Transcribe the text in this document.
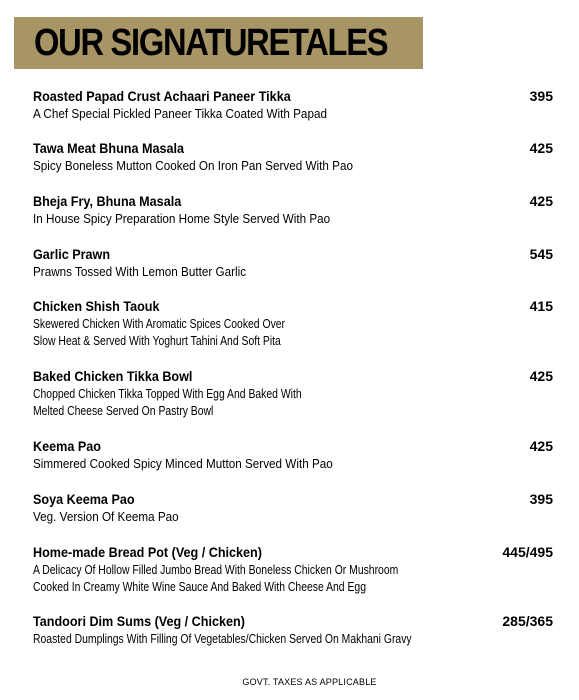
OUR SIGNATURETALES
Roasted Papad Crust Achaari Paneer Tikka
A Chef Special Pickled Paneer Tikka Coated With Papad
395
Tawa Meat Bhuna Masala
Spicy Boneless Mutton Cooked On Iron Pan Served With Pao
425
Bheja Fry, Bhuna Masala
In House Spicy Preparation Home Style Served With Pao
425
Garlic Prawn
Prawns Tossed With Lemon Butter Garlic
545
Chicken Shish Taouk
Skewered Chicken With Aromatic Spices Cooked Over
Slow Heat & Served With Yoghurt Tahini And Soft Pita
415
Baked Chicken Tikka Bowl
Chopped Chicken Tikka Topped With Egg And Baked With
Melted Cheese Served On Pastry Bowl
425
Keema Pao
Simmered Cooked Spicy Minced Mutton Served With Pao
425
Soya Keema Pao
Veg. Version Of Keema Pao
395
Home-made Bread Pot (Veg / Chicken)
A Delicacy Of Hollow Filled Jumbo Bread With Boneless Chicken Or Mushroom
Cooked In Creamy White Wine Sauce And Baked With Cheese And Egg
445/495
Tandoori Dim Sums (Veg / Chicken)
Roasted Dumplings With Filling Of Vegetables/Chicken Served On Makhani Gravy
285/365
GOVT. TAXES AS APPLICABLE
